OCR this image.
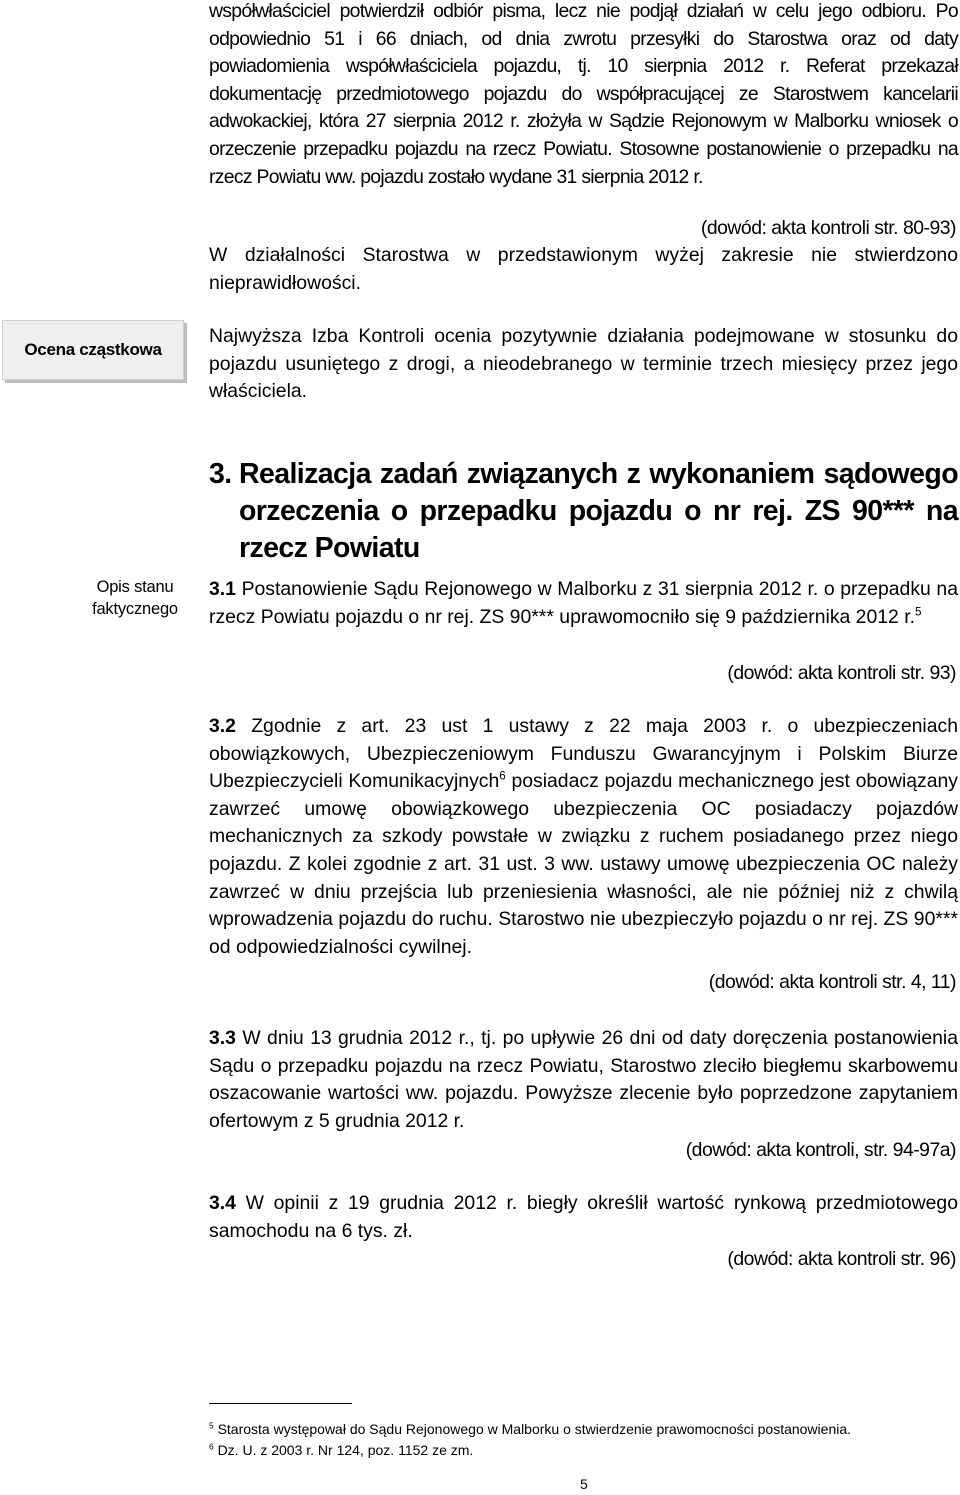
współwłaściciel potwierdził odbiór pisma, lecz nie podjął działań w celu jego odbioru. Po odpowiednio 51 i 66 dniach, od dnia zwrotu przesyłki do Starostwa oraz od daty powiadomienia współwłaściciela pojazdu, tj. 10 sierpnia 2012 r. Referat przekazał dokumentację przedmiotowego pojazdu do współpracującej ze Starostwem kancelarii adwokackiej, która 27 sierpnia 2012 r. złożyła w Sądzie Rejonowym w Malborku wniosek o orzeczenie przepadku pojazdu na rzecz Powiatu. Stosowne postanowienie o przepadku na rzecz Powiatu ww. pojazdu zostało wydane 31 sierpnia 2012 r.

(dowód: akta kontroli str. 80-93)

W działalności Starostwa w przedstawionym wyżej zakresie nie stwierdzono nieprawidłowości.

Ocena cząstkowa

Najwyższa Izba Kontroli ocenia pozytywnie działania podejmowane w stosunku do pojazdu usuniętego z drogi, a nieodebranego w terminie trzech miesięcy przez jego właściciela.

3. Realizacja zadań związanych z wykonaniem sądowego orzeczenia o przepadku pojazdu o nr rej. ZS 90*** na rzecz Powiatu
Opis stanu faktycznego

3.1 Postanowienie Sądu Rejonowego w Malborku z 31 sierpnia 2012 r. o przepadku na rzecz Powiatu pojazdu o nr rej. ZS 90*** uprawomocniło się 9 października 2012 r.$^5$

(dowód: akta kontroli str. 93)

3.2 Zgodnie z art. 23 ust 1 ustawy z 22 maja 2003 r. o ubezpieczeniach obowiązkowych, Ubezpieczeniowym Funduszu Gwarancyjnym i Polskim Biurze Ubezpieczycieli Komunikacyjnych$^6$ posiadacz pojazdu mechanicznego jest obowiązany zawrzeć umowę obowiązkowego ubezpieczenia OC posiadaczy pojazdów mechanicznych za szkody powstałe w związku z ruchem posiadanego przez niego pojazdu. Z kolei zgodnie z art. 31 ust. 3 ww. ustawy umowę ubezpieczenia OC należy zawrzeć w dniu przejścia lub przeniesienia własności, ale nie później niż z chwilą wprowadzenia pojazdu do ruchu. Starostwo nie ubezpieczyło pojazdu o nr rej. ZS 90*** od odpowiedzialności cywilnej.

(dowód: akta kontroli str. 4, 11)

3.3 W dniu 13 grudnia 2012 r., tj. po upływie 26 dni od daty doręczenia postanowienia Sądu o przepadku pojazdu na rzecz Powiatu, Starostwo zleciło biegłemu skarbowemu oszacowanie wartości ww. pojazdu. Powyższe zlecenie było poprzedzone zapytaniem ofertowym z 5 grudnia 2012 r.

(dowód: akta kontroli, str. 94-97a)

3.4 W opinii z 19 grudnia 2012 r. biegły określił wartość rynkową przedmiotowego samochodu na 6 tys. zł.

(dowód: akta kontroli str. 96)
$^5$ Starosta występował do Sądu Rejonowego w Malborku o stwierdzenie prawomocności postanowienia.
$^6$ Dz. U. z 2003 r. Nr 124, poz. 1152 ze zm.
5
